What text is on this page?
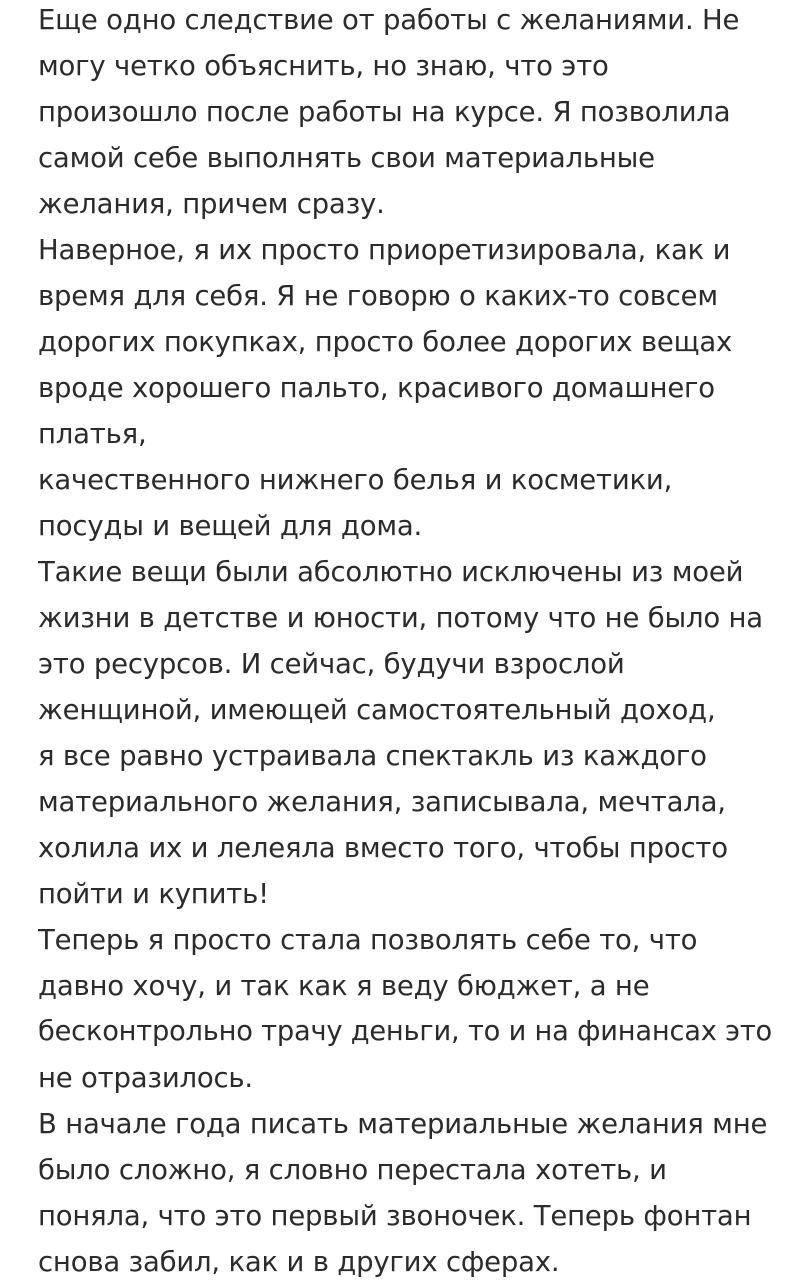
Еще одно следствие от работы с желаниями. Не
могу четко объяснить, но знаю, что это
произошло после работы на курсе. Я позволила
самой себе выполнять свои материальные
желания, причем сразу.
Наверное, я их просто приоретизировала, как и
время для себя. Я не говорю о каких-то совсем
дорогих покупках, просто более дорогих вещах
вроде хорошего пальто, красивого домашнего
платья,
качественного нижнего белья и косметики,
посуды и вещей для дома.
Такие вещи были абсолютно исключены из моей
жизни в детстве и юности, потому что не было на
это ресурсов. И сейчас, будучи взрослой
женщиной, имеющей самостоятельный доход,
я все равно устраивала спектакль из каждого
материального желания, записывала, мечтала,
холила их и лелеяла вместо того, чтобы просто
пойти и купить!
Теперь я просто стала позволять себе то, что
давно хочу, и так как я веду бюджет, а не
бесконтрольно трачу деньги, то и на финансах это
не отразилось.
В начале года писать материальные желания мне
было сложно, я словно перестала хотеть, и
поняла, что это первый звоночек. Теперь фонтан
снова забил, как и в других сферах.
